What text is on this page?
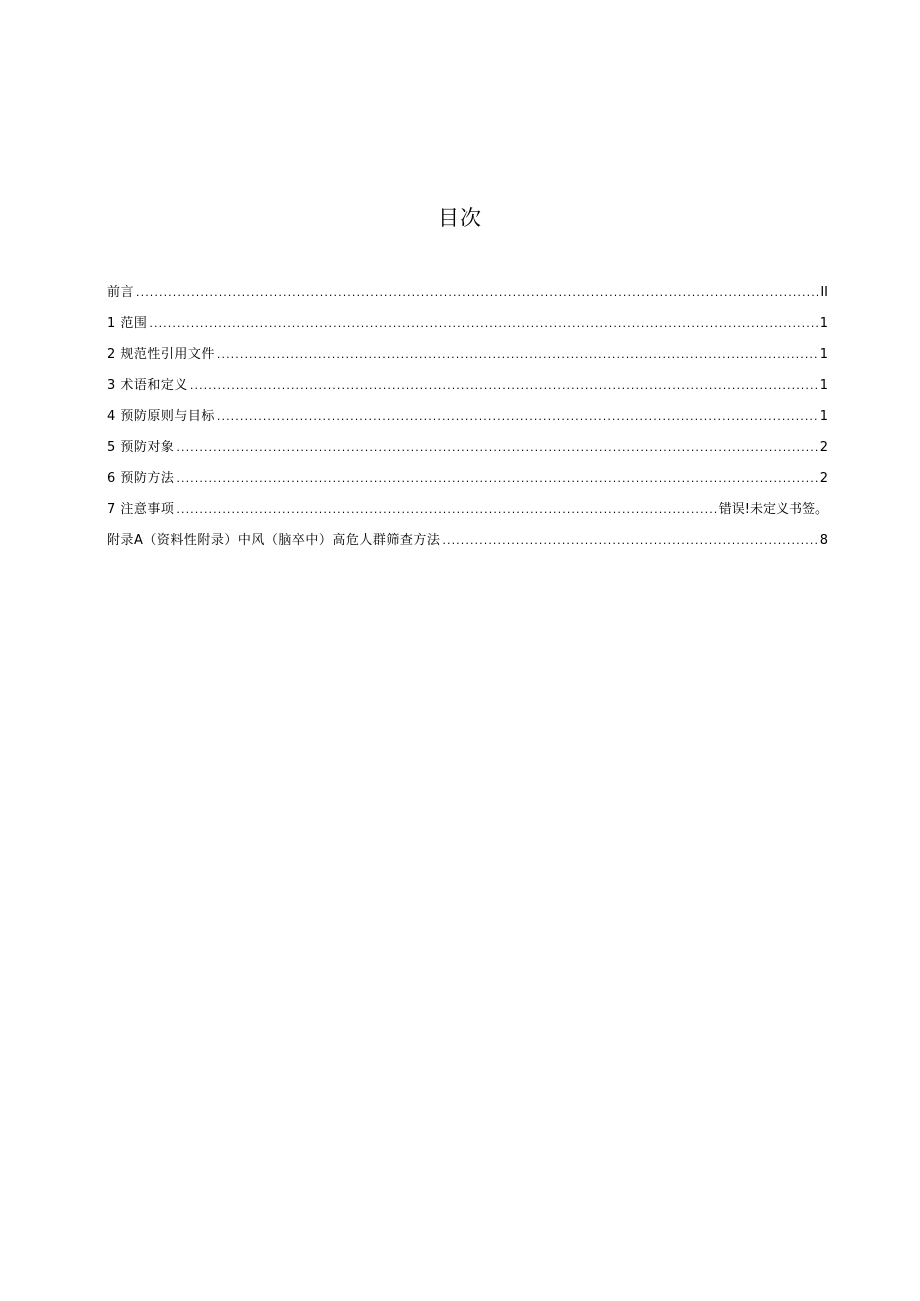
目次
前言 . . .	II
1 范围 . . .	1
2 规范性引用文件 . . .	1
3 术语和定义 . . .	1
4 预防原则与目标 . . .	1
5 预防对象 . . .	2
6 预防方法 . . .	2
7 注意事项 . . .	错误!未定义书签。
附录A（资料性附录）中风（脑卒中）高危人群筛查方法 . . .	8
